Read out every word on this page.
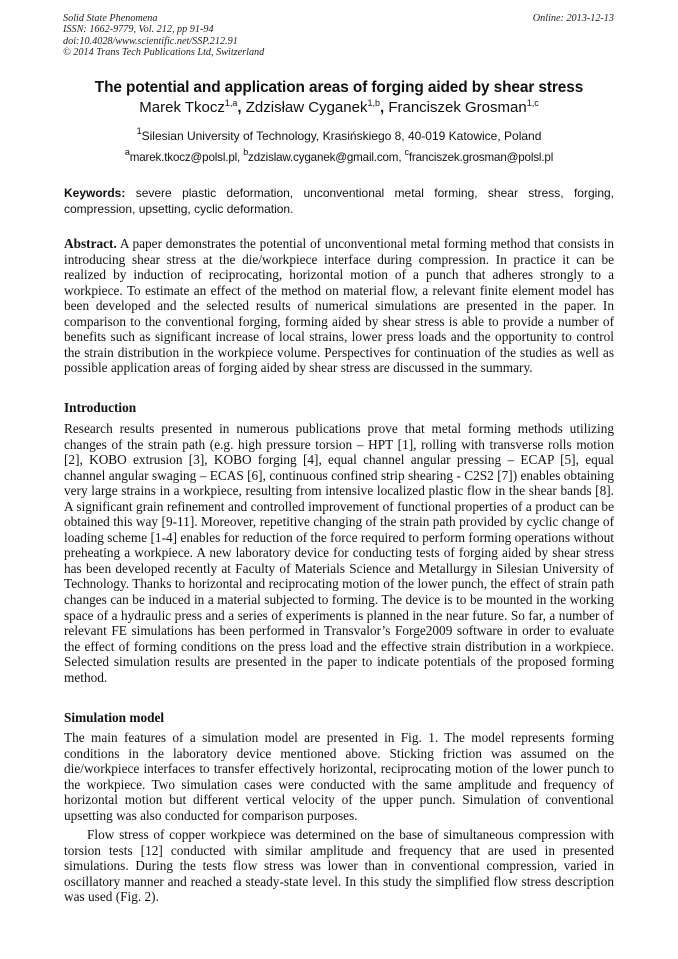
Solid State Phenomena
ISSN: 1662-9779, Vol. 212, pp 91-94
doi:10.4028/www.scientific.net/SSP.212.91
© 2014 Trans Tech Publications Ltd, Switzerland
Online: 2013-12-13
The potential and application areas of forging aided by shear stress
Marek Tkocz$^{1,a}$, Zdzisław Cyganek$^{1,b}$, Franciszek Grosman$^{1,c}$
$^1$Silesian University of Technology, Krasińskiego 8, 40-019 Katowice, Poland
$^a$marek.tkocz@polsl.pl, $^b$zdzislaw.cyganek@gmail.com, $^c$franciszek.grosman@polsl.pl
Keywords: severe plastic deformation, unconventional metal forming, shear stress, forging, compression, upsetting, cyclic deformation.
Abstract. A paper demonstrates the potential of unconventional metal forming method that consists in introducing shear stress at the die/workpiece interface during compression. In practice it can be realized by induction of reciprocating, horizontal motion of a punch that adheres strongly to a workpiece. To estimate an effect of the method on material flow, a relevant finite element model has been developed and the selected results of numerical simulations are presented in the paper. In comparison to the conventional forging, forming aided by shear stress is able to provide a number of benefits such as significant increase of local strains, lower press loads and the opportunity to control the strain distribution in the workpiece volume. Perspectives for continuation of the studies as well as possible application areas of forging aided by shear stress are discussed in the summary.
Introduction

Research results presented in numerous publications prove that metal forming methods utilizing changes of the strain path (e.g. high pressure torsion – HPT [1], rolling with transverse rolls motion [2], KOBO extrusion [3], KOBO forging [4], equal channel angular pressing – ECAP [5], equal channel angular swaging – ECAS [6], continuous confined strip shearing - C2S2 [7]) enables obtaining very large strains in a workpiece, resulting from intensive localized plastic flow in the shear bands [8]. A significant grain refinement and controlled improvement of functional properties of a product can be obtained this way [9-11]. Moreover, repetitive changing of the strain path provided by cyclic change of loading scheme [1-4] enables for reduction of the force required to perform forming operations without preheating a workpiece. A new laboratory device for conducting tests of forging aided by shear stress has been developed recently at Faculty of Materials Science and Metallurgy in Silesian University of Technology. Thanks to horizontal and reciprocating motion of the lower punch, the effect of strain path changes can be induced in a material subjected to forming. The device is to be mounted in the working space of a hydraulic press and a series of experiments is planned in the near future. So far, a number of relevant FE simulations has been performed in Transvalor’s Forge2009 software in order to evaluate the effect of forming conditions on the press load and the effective strain distribution in a workpiece. Selected simulation results are presented in the paper to indicate potentials of the proposed forming method.

Simulation model

The main features of a simulation model are presented in Fig. 1. The model represents forming conditions in the laboratory device mentioned above. Sticking friction was assumed on the die/workpiece interfaces to transfer effectively horizontal, reciprocating motion of the lower punch to the workpiece. Two simulation cases were conducted with the same amplitude and frequency of horizontal motion but different vertical velocity of the upper punch. Simulation of conventional upsetting was also conducted for comparison purposes.

Flow stress of copper workpiece was determined on the base of simultaneous compression with torsion tests [12] conducted with similar amplitude and frequency that are used in presented simulations. During the tests flow stress was lower than in conventional compression, varied in oscillatory manner and reached a steady-state level. In this study the simplified flow stress description was used (Fig. 2).
